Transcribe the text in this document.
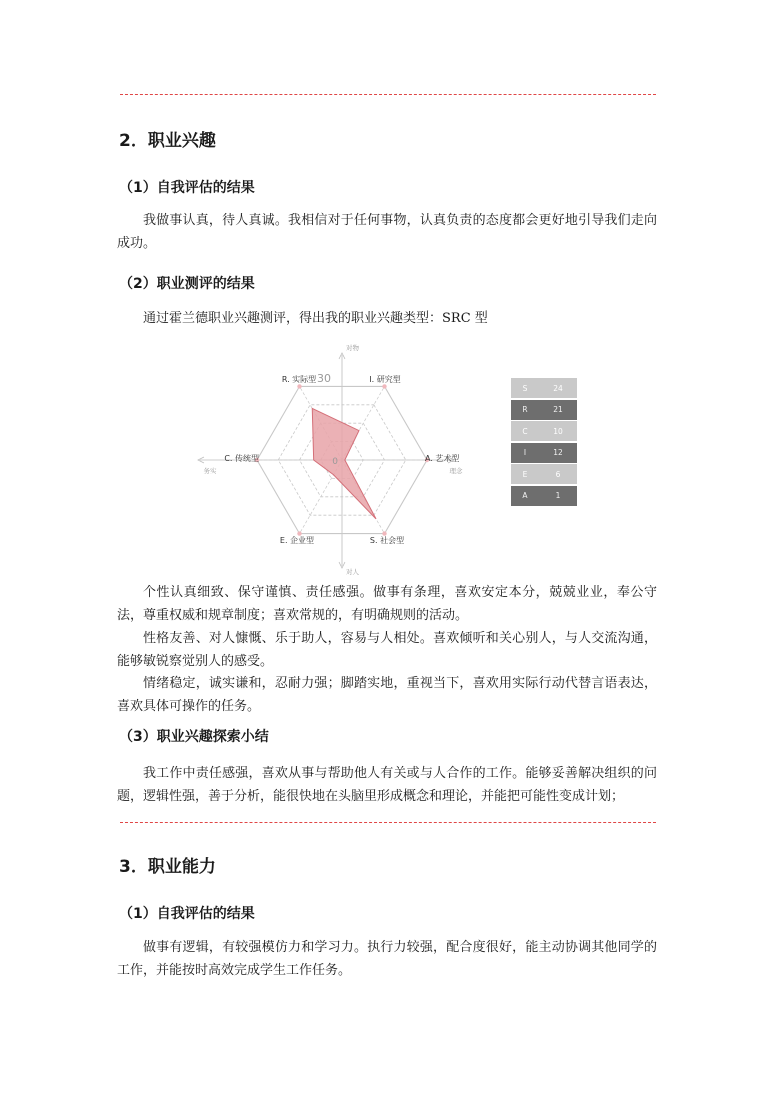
2．职业兴趣
（1）自我评估的结果

我做事认真，待人真诚。我相信对于任何事物，认真负责的态度都会更好地引导我们走向成功。

（2）职业测评的结果

通过霍兰德职业兴趣测评，得出我的职业兴趣类型：SRC 型

30
0
I. 研究型
A. 艺术型
S. 社会型
E. 企业型
C. 传统型
R. 实际型
对物
对人
务实	理念
S	24
R	21
C	10
I	12
E	6
A	1

个性认真细致、保守谨慎、责任感强。做事有条理，喜欢安定本分，兢兢业业，奉公守法，尊重权威和规章制度；喜欢常规的，有明确规则的活动。

性格友善、对人慷慨、乐于助人，容易与人相处。喜欢倾听和关心别人，与人交流沟通，能够敏锐察觉别人的感受。

情绪稳定，诚实谦和，忍耐力强；脚踏实地，重视当下，喜欢用实际行动代替言语表达，喜欢具体可操作的任务。

（3）职业兴趣探索小结

我工作中责任感强，喜欢从事与帮助他人有关或与人合作的工作。能够妥善解决组织的问题，逻辑性强，善于分析，能很快地在头脑里形成概念和理论，并能把可能性变成计划；

3．职业能力
（1）自我评估的结果

做事有逻辑，有较强模仿力和学习力。执行力较强，配合度很好，能主动协调其他同学的工作，并能按时高效完成学生工作任务。
